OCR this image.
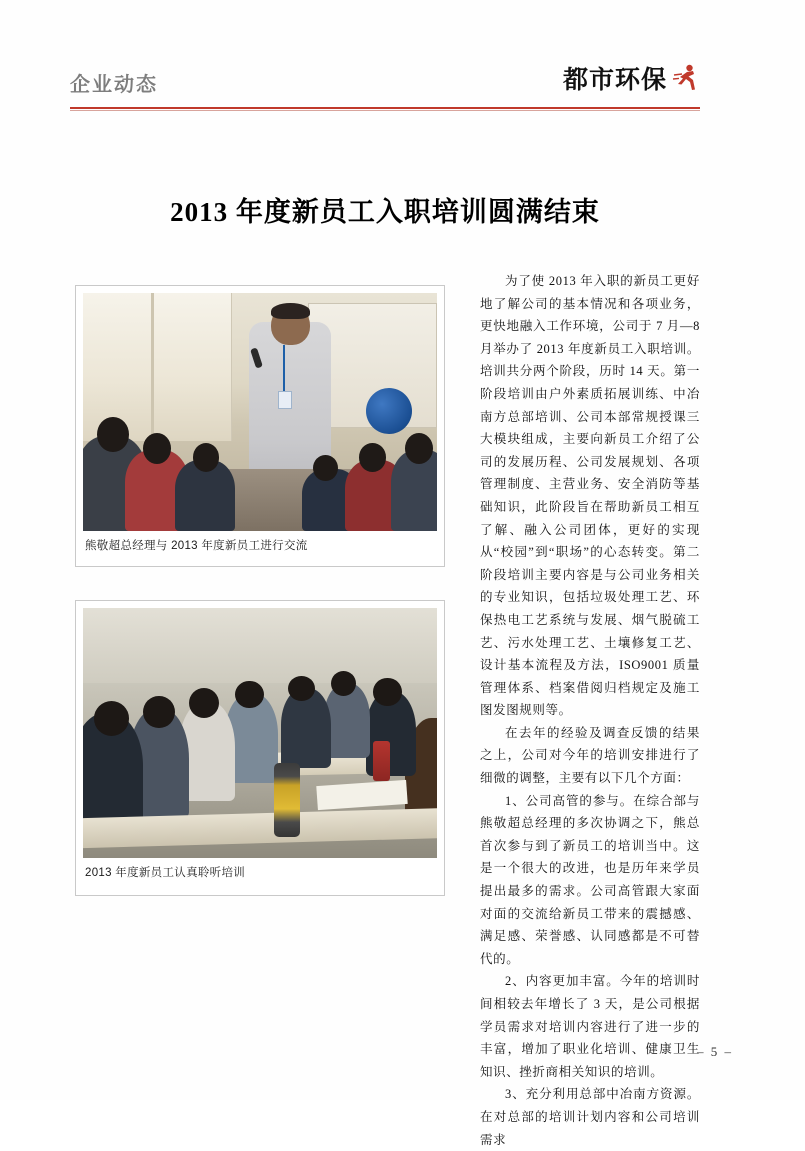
企业动态	都市环保
2013 年度新员工入职培训圆满结束
熊敬超总经理与 2013 年度新员工进行交流
2013 年度新员工认真聆听培训

为了使 2013 年入职的新员工更好地了解公司的基本情况和各项业务，更快地融入工作环境，公司于 7 月—8 月举办了 2013 年度新员工入职培训。培训共分两个阶段，历时 14 天。第一阶段培训由户外素质拓展训练、中冶南方总部培训、公司本部常规授课三大模块组成，主要向新员工介绍了公司的发展历程、公司发展规划、各项管理制度、主营业务、安全消防等基础知识，此阶段旨在帮助新员工相互了解、融入公司团体，更好的实现从“校园”到“职场”的心态转变。第二阶段培训主要内容是与公司业务相关的专业知识，包括垃圾处理工艺、环保热电工艺系统与发展、烟气脱硫工艺、污水处理工艺、土壤修复工艺、设计基本流程及方法，ISO9001 质量管理体系、档案借阅归档规定及施工图发图规则等。

在去年的经验及调查反馈的结果之上，公司对今年的培训安排进行了细微的调整，主要有以下几个方面：

1、公司高管的参与。在综合部与熊敬超总经理的多次协调之下，熊总首次参与到了新员工的培训当中。这是一个很大的改进，也是历年来学员提出最多的需求。公司高管跟大家面对面的交流给新员工带来的震撼感、满足感、荣誉感、认同感都是不可替代的。

2、内容更加丰富。今年的培训时间相较去年增长了 3 天，是公司根据学员需求对培训内容进行了进一步的丰富，增加了职业化培训、健康卫生知识、挫折商相关知识的培训。

3、充分利用总部中冶南方资源。在对总部的培训计划内容和公司培训需求

– 5 –
